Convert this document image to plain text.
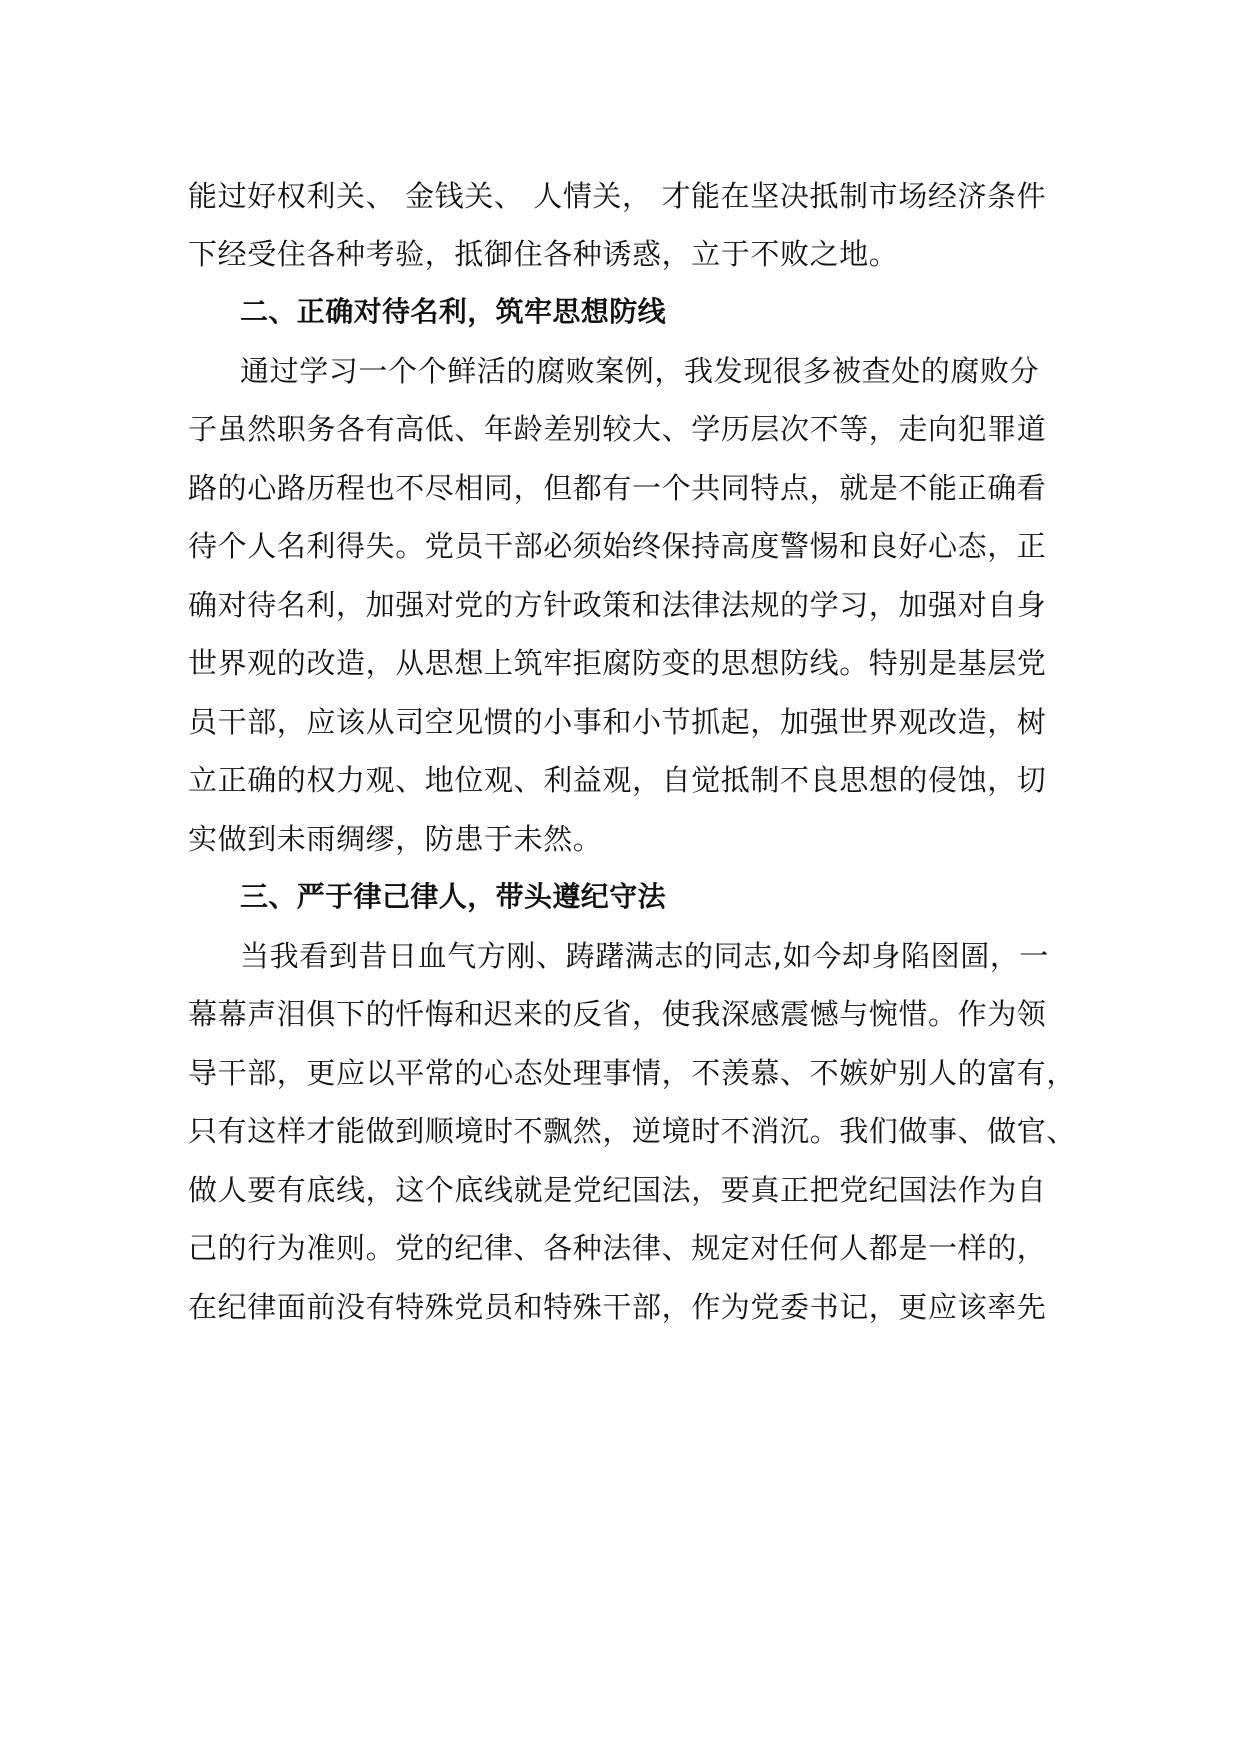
能过好权利关、 金钱关、 人情关， 才能在坚决抵制市场经济条件
下经受住各种考验，抵御住各种诱惑，立于不败之地。
二、正确对待名利，筑牢思想防线
通过学习一个个鲜活的腐败案例，我发现很多被查处的腐败分
子虽然职务各有高低、年龄差别较大、学历层次不等，走向犯罪道
路的心路历程也不尽相同，但都有一个共同特点，就是不能正确看
待个人名利得失。党员干部必须始终保持高度警惕和良好心态，正
确对待名利，加强对党的方针政策和法律法规的学习，加强对自身
世界观的改造，从思想上筑牢拒腐防变的思想防线。特别是基层党
员干部，应该从司空见惯的小事和小节抓起，加强世界观改造，树
立正确的权力观、地位观、利益观，自觉抵制不良思想的侵蚀，切
实做到未雨绸缪，防患于未然。
三、严于律己律人，带头遵纪守法
当我看到昔日血气方刚、踌躇满志的同志,如今却身陷囹圄，一
幕幕声泪俱下的忏悔和迟来的反省，使我深感震憾与惋惜。作为领
导干部，更应以平常的心态处理事情，不羡慕、不嫉妒别人的富有，
只有这样才能做到顺境时不飘然，逆境时不消沉。我们做事、做官、
做人要有底线，这个底线就是党纪国法，要真正把党纪国法作为自
己的行为准则。党的纪律、各种法律、规定对任何人都是一样的，
在纪律面前没有特殊党员和特殊干部，作为党委书记，更应该率先
